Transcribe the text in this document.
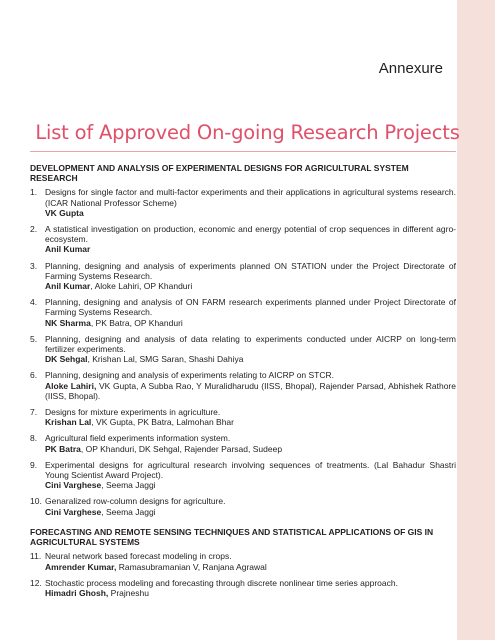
Annexure
List of Approved On-going Research Projects
DEVELOPMENT AND ANALYSIS OF EXPERIMENTAL DESIGNS FOR AGRICULTURAL SYSTEM RESEARCH
1. Designs for single factor and multi-factor experiments and their applications in agricultural systems research. (ICAR National Professor Scheme)
VK Gupta
2. A statistical investigation on production, economic and energy potential of crop sequences in different agro-ecosystem.
Anil Kumar
3. Planning, designing and analysis of experiments planned ON STATION under the Project Directorate of Farming Systems Research.
Anil Kumar, Aloke Lahiri, OP Khanduri
4. Planning, designing and analysis of ON FARM research experiments planned under Project Directorate of Farming Systems Research.
NK Sharma, PK Batra, OP Khanduri
5. Planning, designing and analysis of data relating to experiments conducted under AICRP on long-term fertilizer experiments.
DK Sehgal, Krishan Lal, SMG Saran, Shashi Dahiya
6. Planning, designing and analysis of experiments relating to AICRP on STCR.
Aloke Lahiri, VK Gupta, A Subba Rao, Y Muralidharudu (IISS, Bhopal), Rajender Parsad, Abhishek Rathore (IISS, Bhopal).
7. Designs for mixture experiments in agriculture.
Krishan Lal, VK Gupta, PK Batra, Lalmohan Bhar
8. Agricultural field experiments information system.
PK Batra, OP Khanduri, DK Sehgal, Rajender Parsad, Sudeep
9. Experimental designs for agricultural research involving sequences of treatments. (Lal Bahadur Shastri Young Scientist Award Project).
Cini Varghese, Seema Jaggi
10. Genaralized row-column designs for agriculture.
Cini Varghese, Seema Jaggi
FORECASTING AND REMOTE SENSING TECHNIQUES AND STATISTICAL APPLICATIONS OF GIS IN AGRICULTURAL SYSTEMS
11. Neural network based forecast modeling in crops.
Amrender Kumar, Ramasubramanian V, Ranjana Agrawal
12. Stochastic process modeling and forecasting through discrete nonlinear time series approach.
Himadri Ghosh, Prajneshu
